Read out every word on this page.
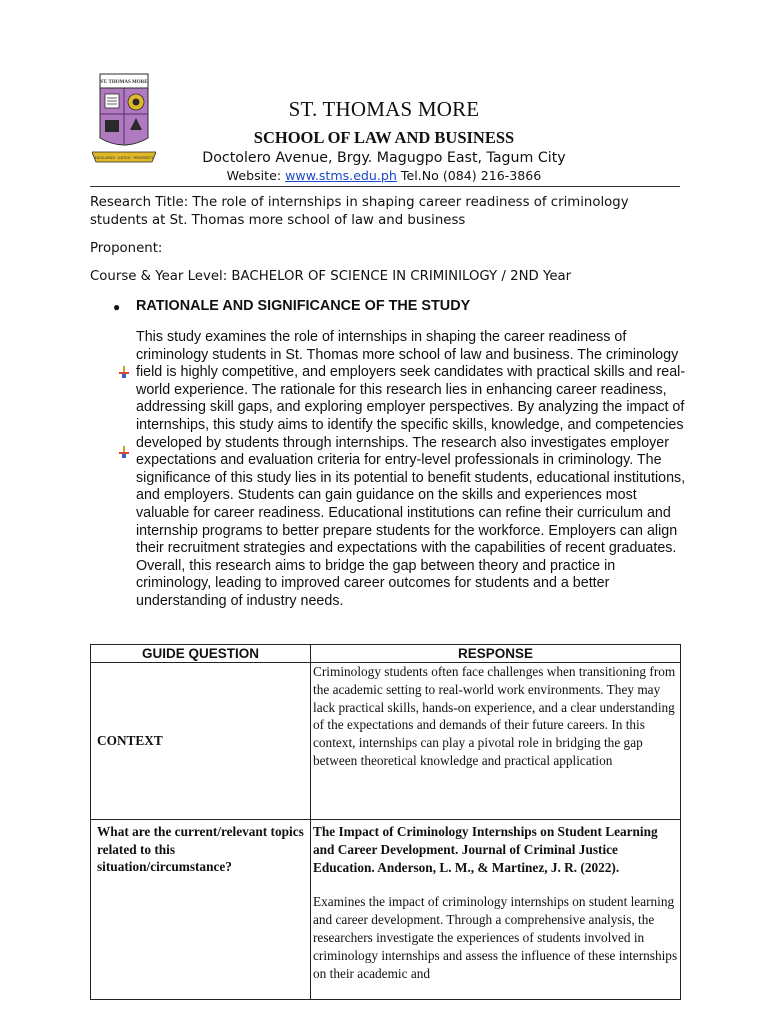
ST. THOMAS MORE
EXCELLENCE · JUSTICE · PROSPERITY
ST. THOMAS MORE
SCHOOL OF LAW AND BUSINESS
Doctolero Avenue, Brgy. Magugpo East, Tagum City
Website: www.stms.edu.ph Tel.No (084) 216-3866
Research Title: The role of internships in shaping career readiness of criminology students at St. Thomas more school of law and business
Proponent:
Course & Year Level: BACHELOR OF SCIENCE IN CRIMINILOGY / 2ND Year
● RATIONALE AND SIGNIFICANCE OF THE STUDY
This study examines the role of internships in shaping the career readiness of criminology students in St. Thomas more school of law and business. The criminology field is highly competitive, and employers seek candidates with practical skills and real-world experience. The rationale for this research lies in enhancing career readiness, addressing skill gaps, and exploring employer perspectives. By analyzing the impact of internships, this study aims to identify the specific skills, knowledge, and competencies developed by students through internships. The research also investigates employer expectations and evaluation criteria for entry-level professionals in criminology. The significance of this study lies in its potential to benefit students, educational institutions, and employers. Students can gain guidance on the skills and experiences most valuable for career readiness. Educational institutions can refine their curriculum and internship programs to better prepare students for the workforce. Employers can align their recruitment strategies and expectations with the capabilities of recent graduates. Overall, this research aims to bridge the gap between theory and practice in criminology, leading to improved career outcomes for students and a better understanding of industry needs.
GUIDE QUESTION	RESPONSE
CONTEXT	Criminology students often face challenges when transitioning from the academic setting to real-world work environments. They may lack practical skills, hands-on experience, and a clear understanding of the expectations and demands of their future careers. In this context, internships can play a pivotal role in bridging the gap between theoretical knowledge and practical application
What are the current/relevant topics related to this situation/circumstance?	The Impact of Criminology Internships on Student Learning and Career Development. Journal of Criminal Justice Education. Anderson, L. M., & Martinez, J. R. (2022).
Examines the impact of criminology internships on student learning and career development. Through a comprehensive analysis, the researchers investigate the experiences of students involved in criminology internships and assess the influence of these internships on their academic and
